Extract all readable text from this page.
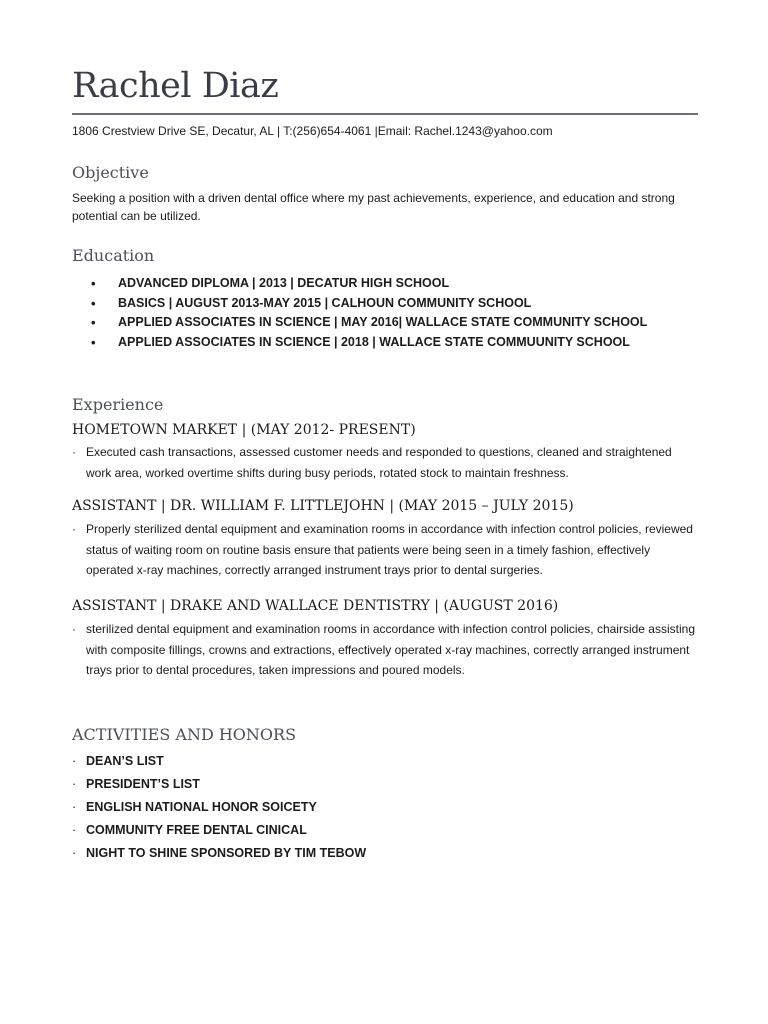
Rachel Diaz
1806 Crestview Drive SE, Decatur, AL | T:(256)654-4061 |Email: Rachel.1243@yahoo.com
Objective

Seeking a position with a driven dental office where my past achievements, experience, and education and strong potential can be utilized.

Education
• ADVANCED DIPLOMA | 2013 | DECATUR HIGH SCHOOL
• BASICS | AUGUST 2013-MAY 2015 | CALHOUN COMMUNITY SCHOOL
• APPLIED ASSOCIATES IN SCIENCE | MAY 2016| WALLACE STATE COMMUNITY SCHOOL
• APPLIED ASSOCIATES IN SCIENCE | 2018 | WALLACE STATE COMMUUNITY SCHOOL
Experience
HOMETOWN MARKET | (MAY 2012- PRESENT)
· Executed cash transactions, assessed customer needs and responded to questions, cleaned and straightened work area, worked overtime shifts during busy periods, rotated stock to maintain freshness.
ASSISTANT | DR. WILLIAM F. LITTLEJOHN | (MAY 2015 – JULY 2015)
· Properly sterilized dental equipment and examination rooms in accordance with infection control policies, reviewed status of waiting room on routine basis ensure that patients were being seen in a timely fashion, effectively operated x-ray machines, correctly arranged instrument trays prior to dental surgeries.
ASSISTANT | DRAKE AND WALLACE DENTISTRY | (AUGUST 2016)
· sterilized dental equipment and examination rooms in accordance with infection control policies, chairside assisting with composite fillings, crowns and extractions, effectively operated x-ray machines, correctly arranged instrument trays prior to dental procedures, taken impressions and poured models.
ACTIVITIES AND HONORS
· DEAN’S LIST
· PRESIDENT’S LIST
· ENGLISH NATIONAL HONOR SOICETY
· COMMUNITY FREE DENTAL CINICAL
· NIGHT TO SHINE SPONSORED BY TIM TEBOW
